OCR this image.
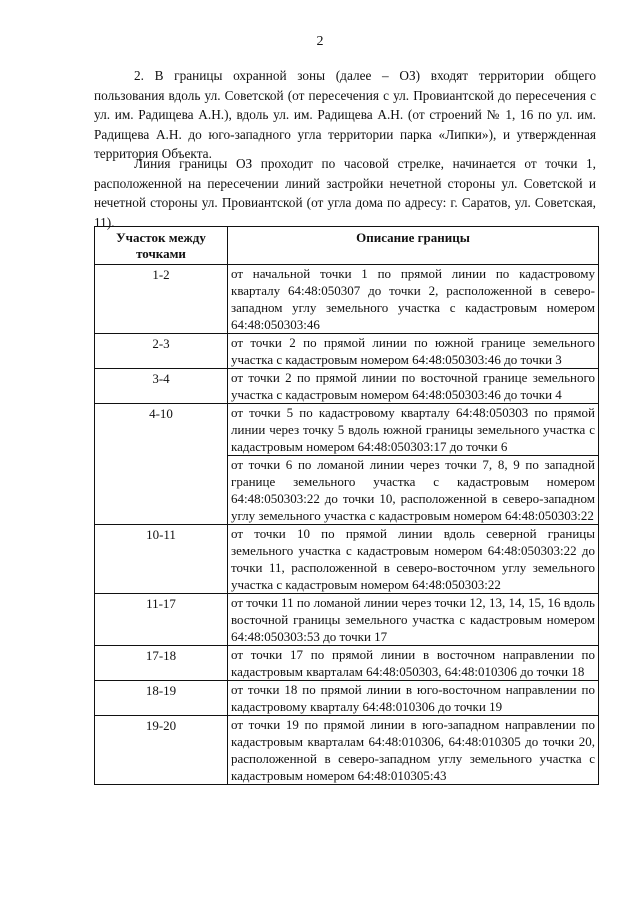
2

2. В границы охранной зоны (далее – ОЗ) входят территории общего пользования вдоль ул. Советской (от пересечения с ул. Провиантской до пересечения с ул. им. Радищева А.Н.), вдоль ул. им. Радищева А.Н. (от строений № 1, 16 по ул. им. Радищева А.Н. до юго-западного угла территории парка «Липки»), и утвержденная территория Объекта.

Линия границы ОЗ проходит по часовой стрелке, начинается от точки 1, расположенной на пересечении линий застройки нечетной стороны ул. Советской и нечетной стороны ул. Провиантской (от угла дома по адресу: г. Саратов, ул. Советская, 11).

Участок между точками	Описание границы
1-2	от начальной точки 1 по прямой линии по кадастровому кварталу 64:48:050307 до точки 2, расположенной в северо-западном углу земельного участка с кадастровым номером 64:48:050303:46
2-3	от точки 2 по прямой линии по южной границе земельного участка с кадастровым номером 64:48:050303:46 до точки 3
3-4	от точки 2 по прямой линии по восточной границе земельного участка с кадастровым номером 64:48:050303:46 до точки 4
4-10	от точки 5 по кадастровому кварталу 64:48:050303 по прямой линии через точку 5 вдоль южной границы земельного участка с кадастровым номером 64:48:050303:17 до точки 6
	от точки 6 по ломаной линии через точки 7, 8, 9 по западной границе земельного участка с кадастровым номером 64:48:050303:22 до точки 10, расположенной в северо-западном углу земельного участка с кадастровым номером 64:48:050303:22
10-11	от точки 10 по прямой линии вдоль северной границы земельного участка с кадастровым номером 64:48:050303:22 до точки 11, расположенной в северо-восточном углу земельного участка с кадастровым номером 64:48:050303:22
11-17	от точки 11 по ломаной линии через точки 12, 13, 14, 15, 16 вдоль восточной границы земельного участка с кадастровым номером 64:48:050303:53 до точки 17
17-18	от точки 17 по прямой линии в восточном направлении по кадастровым кварталам 64:48:050303, 64:48:010306 до точки 18
18-19	от точки 18 по прямой линии в юго-восточном направлении по кадастровому кварталу 64:48:010306 до точки 19
19-20	от точки 19 по прямой линии в юго-западном направлении по кадастровым кварталам 64:48:010306, 64:48:010305 до точки 20, расположенной в северо-западном углу земельного участка с кадастровым номером 64:48:010305:43
